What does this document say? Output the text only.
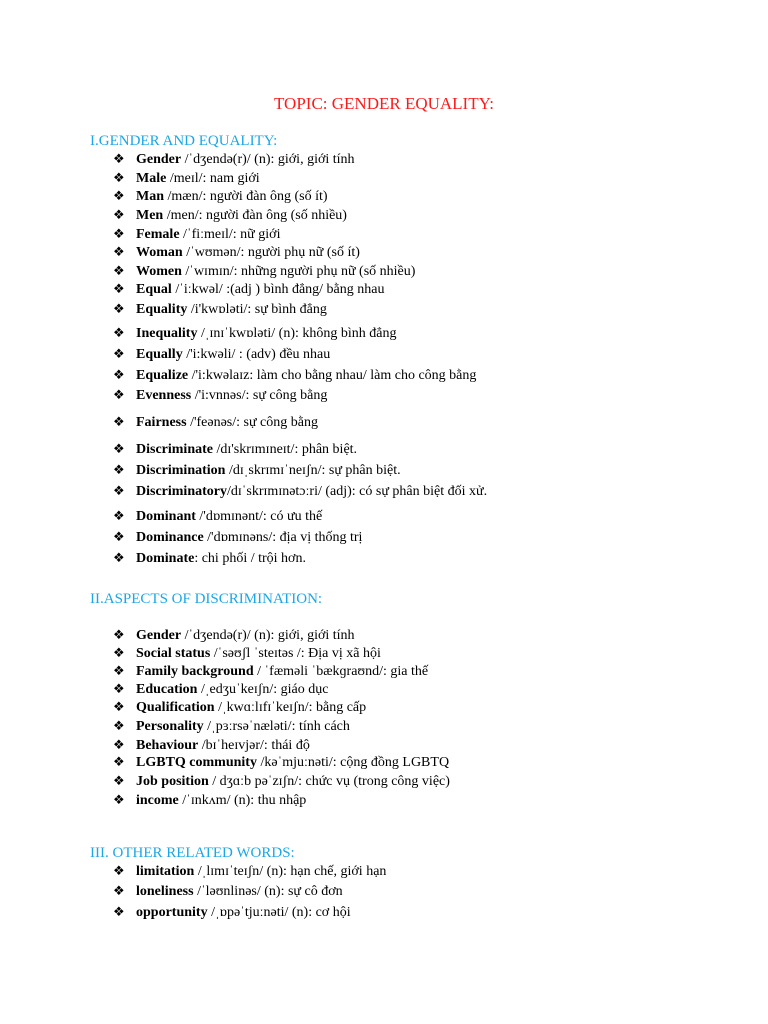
TOPIC: GENDER EQUALITY:
I.GENDER AND EQUALITY:
❖ Gender /ˈdʒendə(r)/ (n): giới, giới tính
❖ Male /meɪl/: nam giới
❖ Man /mæn/: người đàn ông (số ít)
❖ Men /men/: người đàn ông (số nhiều)
❖ Female /ˈfiːmeɪl/: nữ giới
❖ Woman /ˈwʊmən/: người phụ nữ (số ít)
❖ Women /ˈwɪmɪn/: những người phụ nữ (số nhiều)
❖ Equal /ˈiːkwəl/ :(adj ) bình đẳng/ bằng nhau
❖ Equality /i'kwɒləti/: sự bình đẳng
❖ Inequality /ˌɪnɪˈkwɒləti/ (n): không bình đẳng
❖ Equally /'i:kwəli/ : (adv) đều nhau
❖ Equalize /'i:kwəlaɪz: làm cho bằng nhau/ làm cho công bằng
❖ Evenness /'i:vnnəs/: sự công bằng
❖ Fairness /'feənəs/: sự công bằng
❖ Discriminate /dɪ'skrɪmɪneɪt/: phân biệt.
❖ Discrimination /dɪˌskrɪmɪˈneɪʃn/: sự phân biệt.
❖ Discriminatory/dɪˈskrɪmɪnətɔːri/ (adj): có sự phân biệt đối xử.
❖ Dominant /'dɒmɪnənt/: có ưu thế
❖ Dominance /'dɒmɪnəns/: địa vị thống trị
❖ Dominate: chi phối / trội hơn.
II.ASPECTS OF DISCRIMINATION:
❖ Gender /ˈdʒendə(r)/ (n): giới, giới tính
❖ Social status /ˈsəʊʃl ˈsteɪtəs /: Địa vị xã hội
❖ Family background / ˈfæməli ˈbækɡraʊnd/: gia thế
❖ Education /ˌedʒuˈkeɪʃn/: giáo dục
❖ Qualification /ˌkwɑːlɪfɪˈkeɪʃn/: bằng cấp
❖ Personality /ˌpɜːrsəˈnæləti/: tính cách
❖ Behaviour /bɪˈheɪvjər/: thái độ
❖ LGBTQ community /kəˈmjuːnəti/: cộng đồng LGBTQ
❖ Job position / dʒɑːb pəˈzɪʃn/: chức vụ (trong công việc)
❖ income /ˈɪnkʌm/ (n): thu nhập
III. OTHER RELATED WORDS:
❖ limitation /ˌlɪmɪˈteɪʃn/ (n): hạn chế, giới hạn
❖ loneliness /ˈləʊnlinəs/ (n): sự cô đơn
❖ opportunity /ˌɒpəˈtjuːnəti/ (n): cơ hội
